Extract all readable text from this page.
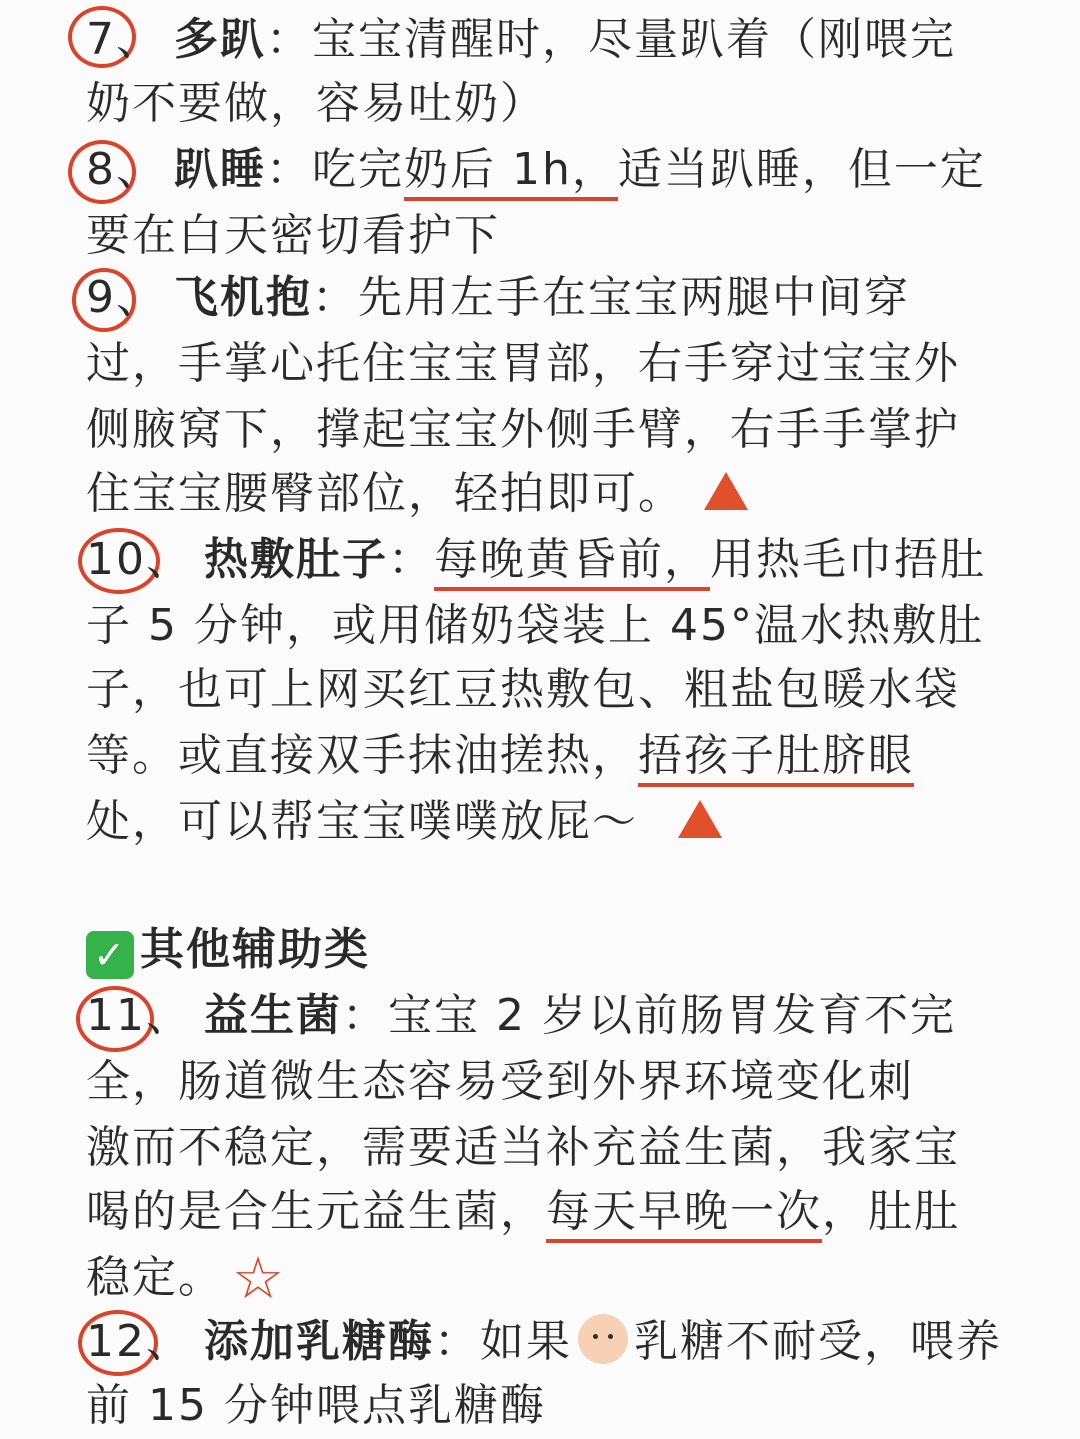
7、 多趴：宝宝清醒时，尽量趴着（刚喂完
奶不要做，容易吐奶）
8、 趴睡：吃完奶后 1h，适当趴睡，但一定
要在白天密切看护下
9、 飞机抱：先用左手在宝宝两腿中间穿
过，手掌心托住宝宝胃部，右手穿过宝宝外
侧腋窝下，撑起宝宝外侧手臂，右手手掌护
住宝宝腰臀部位，轻拍即可。
10、 热敷肚子：每晚黄昏前，用热毛巾捂肚
子 5 分钟，或用储奶袋装上 45°温水热敷肚
子，也可上网买红豆热敷包、粗盐包暖水袋
等。或直接双手抹油搓热，捂孩子肚脐眼
处，可以帮宝宝噗噗放屁～
✓ 其他辅助类
11、 益生菌：宝宝 2 岁以前肠胃发育不完
全，肠道微生态容易受到外界环境变化刺
激而不稳定，需要适当补充益生菌，我家宝
喝的是合生元益生菌，每天早晚一次，肚肚
稳定。 ☆
12、 添加乳糖酶：如果 乳糖不耐受，喂养
前 15 分钟喂点乳糖酶
